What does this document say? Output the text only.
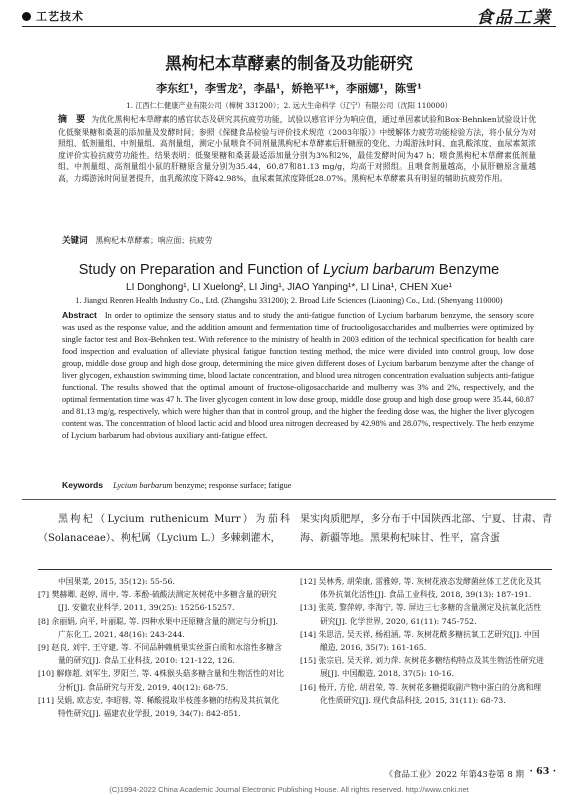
工艺技术	食品工業
黑枸杞本草酵素的制备及功能研究
李东红¹，李雪龙²，李晶¹，娇艳平¹*，李丽娜¹，陈雪¹
1. 江西仁仁健康产业有限公司（樟树 331200）；2. 远大生命科学（辽宁）有限公司（沈阳 110000）
摘　要 为优化黑枸杞本草酵素的感官状态及研究其抗疲劳功能，试验以感官评分为响应值，通过单因素试验和Box-Behnken试验设计优化低聚果糖和桑葚的添加量及发酵时间；参照《保健食品检验与评价技术规范（2003年版）》中缓解体力疲劳功能检验方法，将小鼠分为对照组、低剂量组、中剂量组、高剂量组，测定小鼠喂食不同剂量黑枸杞本草酵素后肝糖原的变化、力竭游泳时间、血乳酸浓度、血尿素氮浓度评价实验抗疲劳功能性。结果表明：低聚果糖和桑葚最适添加量分别为3%和2%，最佳发酵时间为47 h；喂食黑枸杞本草酵素低剂量组、中剂量组、高剂量组小鼠的肝糖原含量分别为35.44，60.87和81.13 mg/g，均高于对照组。且喂食剂量越高，小鼠肝糖原含量越高，力竭游泳时间显著提升，血乳酸浓度下降42.98%，血尿素氮浓度降低28.07%。黑枸杞本草酵素具有明显的辅助抗疲劳作用。
关键词 黑枸杞本草酵素；响应面；抗疲劳
Study on Preparation and Function of Lycium barbarum Benzyme
LI Donghong¹, LI Xuelong², LI Jing¹, JIAO Yanping¹*, LI Lina¹, CHEN Xue¹
1. Jiangxi Renren Health Industry Co., Ltd. (Zhangshu 331200); 2. Broad Life Sciences (Liaoning) Co., Ltd. (Shenyang 110000)
Abstract In order to optimize the sensory status and to study the anti-fatigue function of Lycium barbarum benzyme, the sensory score was used as the response value, and the addition amount and fermentation time of fructooligosaccharides and mulberries were optimized by single factor test and Box-Behnken test. With reference to the ministry of health in 2003 edition of the technical specification for health care food inspection and evaluation of alleviate physical fatigue function testing method, the mice were divided into control group, low dose group, middle dose group and high dose group, determining the mice given different doses of Lycium barbarum benzyme after the change of liver glycogen, exhaustion swimming time, blood lactate concentration, and blood urea nitrogen concentration evaluation subjects anti-fatigue functional. The results showed that the optimal amount of fructose-oligosaccharide and mulberry was 3% and 2%, respectively, and the optimal fermentation time was 47 h. The liver glycogen content in low dose group, middle dose group and high dose group were 35.44, 60.87 and 81.13 mg/g, respectively, which were higher than that in control group, and the higher the feeding dose was, the higher the liver glycogen content was. The concentration of blood lactic acid and blood urea nitrogen decreased by 42.98% and 28.07%, respectively. The herb enzyme of Lycium barbarum had obvious auxiliary anti-fatigue effect.
Keywords Lycium barbarum benzyme; response surface; fatigue
黑枸杞（Lycium ruthenicum Murr）为茄科（Solanaceae）、枸杞属（Lycium L.）多棘刺灌木，
果实肉质肥厚，多分布于中国陕西北部、宁夏、甘肃、青海、新疆等地。黑果枸杞味甘、性平，富含蛋
中国果菜, 2015, 35(12): 55-56.
[7] 樊赫卿, 赵婷, 周中, 等. 苯酚-硫酸法测定灰树花中多糖含量的研究[J]. 安徽农业科学, 2011, 39(25): 15256-15257.
[8] 余丽娟, 向平, 叶丽聪, 等. 四种水果中还原糖含量的测定与分析[J]. 广东化工, 2021, 48(16): 243-244.
[9] 赵良, 刘宇, 王守建, 等. 不同品种赖桃果实丝蛋白质和水溶性多糖含量的研究[J]. 食品工业科技, 2010: 121-122, 126.
[10] 解修超, 刘军生, 罗阳兰, 等. 4株猴头菇多糖含量和生物活性的对比分析[J]. 食品研究与开发, 2019, 40(12): 68-75.
[11] 吴娟, 欧志安, 李昭蓉, 等. 稀酸提取半枝莲多糖的结构及其抗氧化特性研究[J]. 福建农业学报, 2019, 34(7): 842-851.
[12] 吴林秀, 胡荣康, 雷雅婷, 等. 灰树花液态发酵菌丝体工艺优化及其体外抗氧化活性[J]. 食品工业科技, 2018, 39(13): 187-191.
[13] 张英, 黎萍婷, 李海宁, 等. 屏边三七多糖的含量测定及抗氧化活性研究[J]. 化学世界, 2020, 61(11): 745-752.
[14] 朱思洁, 吴天祥, 杨祖涵, 等. 灰树花酰多糖抗氧工艺研究[J]. 中国酿造, 2016, 35(7): 161-165.
[15] 张宗启, 吴天祥, 刘力萍. 灰树花多糖结构特点及其生物活性研究进展[J]. 中国酿造, 2018, 37(5): 10-16.
[16] 杨开, 方伦, 胡君荣, 等. 灰树花多糖提取副产物中蛋白的分离和理化性质研究[J]. 现代食品科技, 2015, 31(11): 68-73.
《食品工业》2022 年第43卷第 8 期 · 63 ·
(C)1994-2022 China Academic Journal Electronic Publishing House. All rights reserved. http://www.cnki.net
